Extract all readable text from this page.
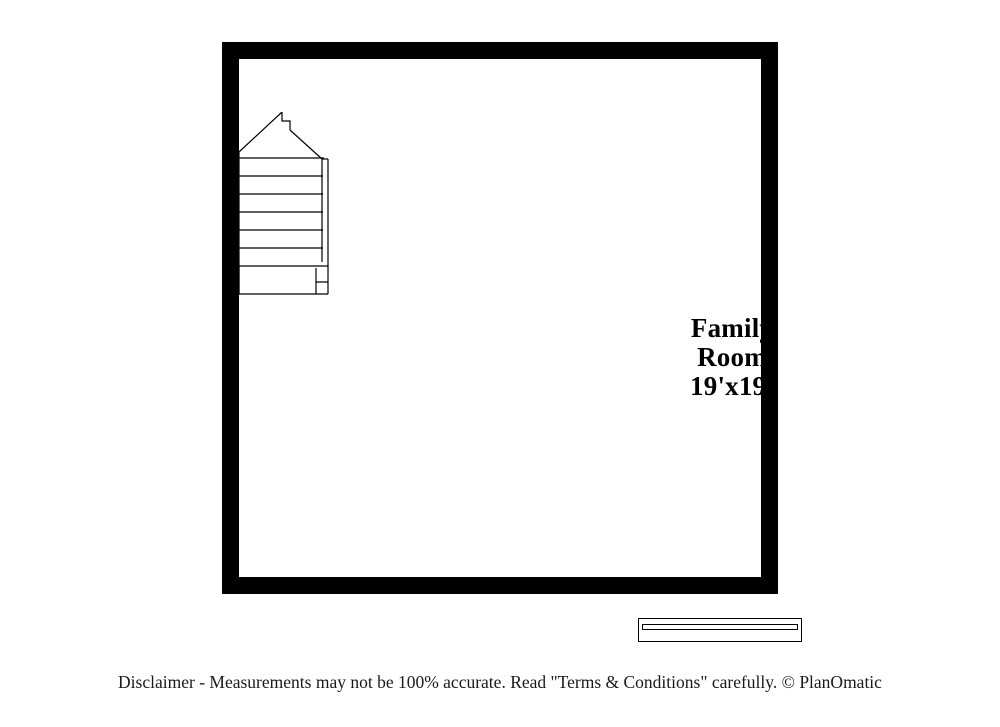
Family
Room
19'x19'
Disclaimer - Measurements may not be 100% accurate. Read "Terms & Conditions" carefully. © PlanOmatic
